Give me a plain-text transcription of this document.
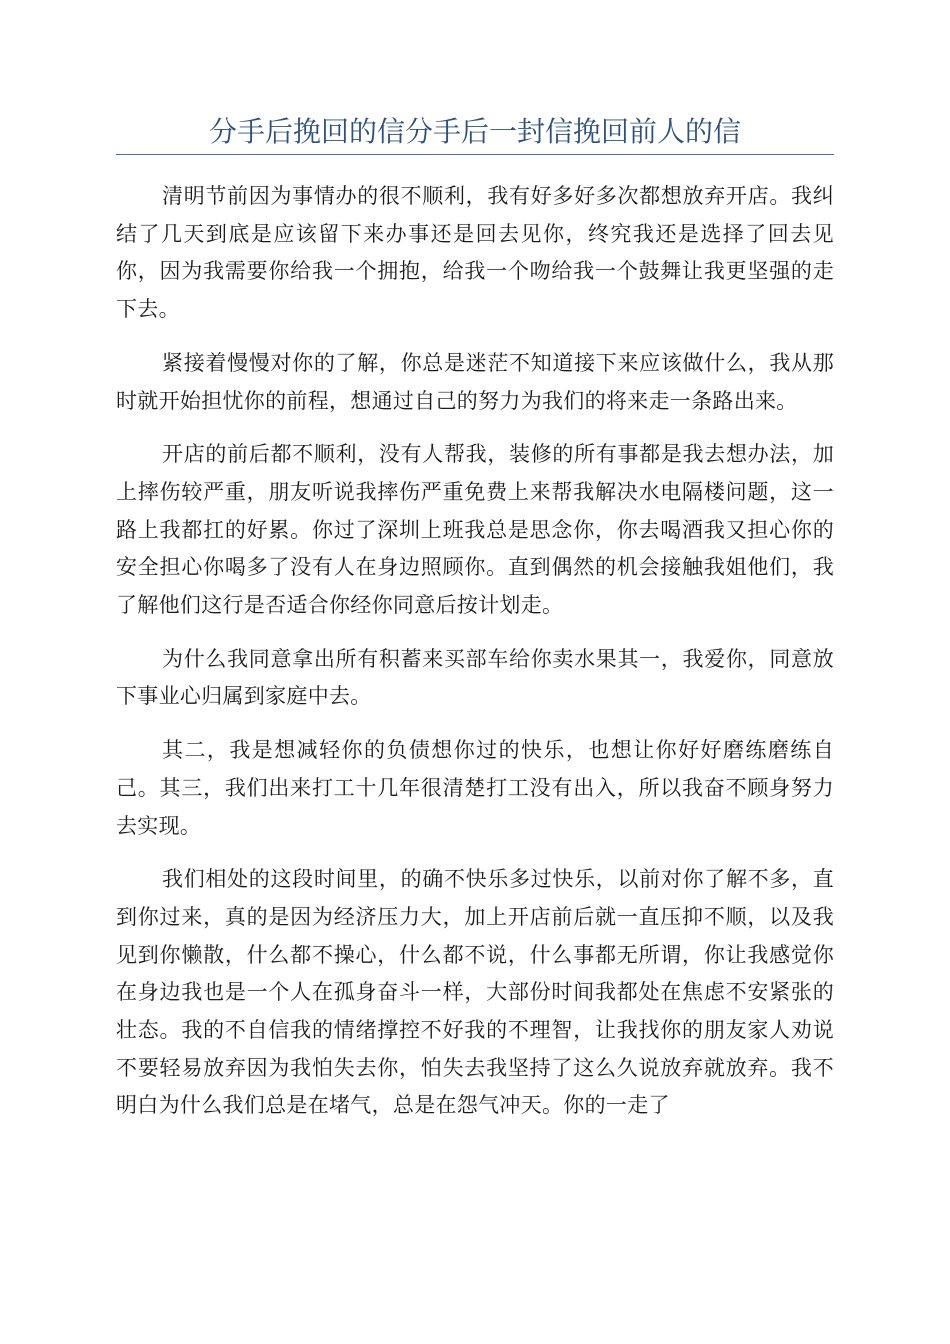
分手后挽回的信分手后一封信挽回前人的信

清明节前因为事情办的很不顺利，我有好多好多次都想放弃开店。我纠结了几天到底是应该留下来办事还是回去见你，终究我还是选择了回去见你，因为我需要你给我一个拥抱，给我一个吻给我一个鼓舞让我更坚强的走下去。

紧接着慢慢对你的了解，你总是迷茫不知道接下来应该做什么，我从那时就开始担忧你的前程，想通过自己的努力为我们的将来走一条路出来。

开店的前后都不顺利，没有人帮我，装修的所有事都是我去想办法，加上摔伤较严重，朋友听说我摔伤严重免费上来帮我解决水电隔楼问题，这一路上我都扛的好累。你过了深圳上班我总是思念你，你去喝酒我又担心你的安全担心你喝多了没有人在身边照顾你。直到偶然的机会接触我姐他们，我了解他们这行是否适合你经你同意后按计划走。

为什么我同意拿出所有积蓄来买部车给你卖水果其一，我爱你，同意放下事业心归属到家庭中去。

其二，我是想减轻你的负债想你过的快乐，也想让你好好磨练磨练自己。其三，我们出来打工十几年很清楚打工没有出入，所以我奋不顾身努力去实现。

我们相处的这段时间里，的确不快乐多过快乐，以前对你了解不多，直到你过来，真的是因为经济压力大，加上开店前后就一直压抑不顺，以及我见到你懒散，什么都不操心，什么都不说，什么事都无所谓，你让我感觉你在身边我也是一个人在孤身奋斗一样，大部份时间我都处在焦虑不安紧张的壮态。我的不自信我的情绪撑控不好我的不理智，让我找你的朋友家人劝说不要轻易放弃因为我怕失去你，怕失去我坚持了这么久说放弃就放弃。我不明白为什么我们总是在堵气，总是在怨气冲天。你的一走了
